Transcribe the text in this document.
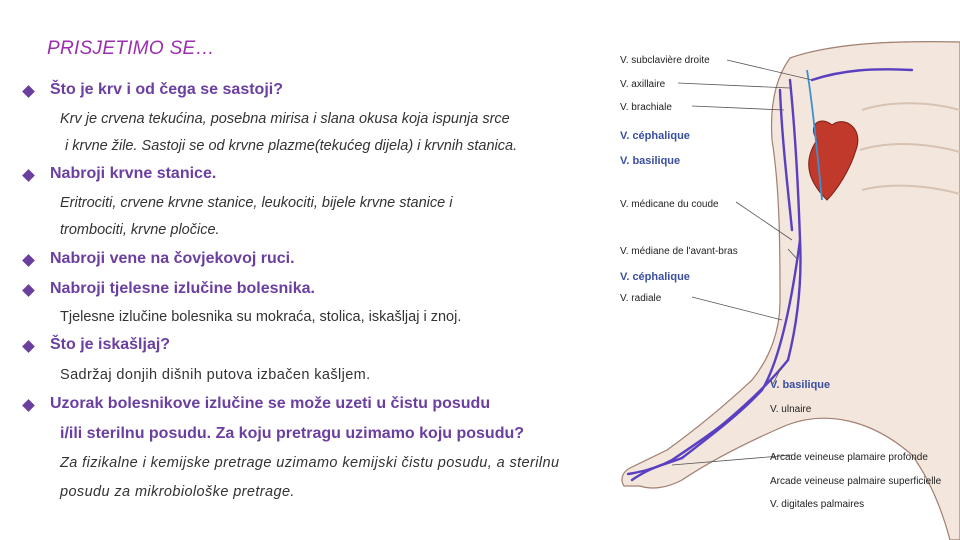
PRISJETIMO SE…
Što je krv i od čega se sastoji?
Krv je crvena tekućina, posebna mirisa i slana okusa koja ispunja srce
i krvne žile. Sastoji se od krvne plazme(tekućeg dijela) i krvnih stanica.
Nabroji krvne stanice.
Eritrociti, crvene krvne stanice, leukociti, bijele krvne stanice i
trombociti, krvne pločice.
Nabroji vene na čovjekovoj ruci.
Nabroji tjelesne izlučine bolesnika.
Tjelesne izlučine bolesnika su mokraća, stolica, iskašljaj i znoj.
Što je iskašljaj?
Sadržaj donjih dišnih putova izbačen kašljem.
Uzorak bolesnikove izlučine se može uzeti u čistu posudu
i/ili sterilnu posudu. Za koju pretragu uzimamo koju posudu?
Za fizikalne i kemijske pretrage uzimamo kemijski čistu posudu, a sterilnu
posudu za mikrobiološke pretrage.
V. subclavière droite
V. axillaire
V. brachiale
V. céphalique
V. basilique
V. médicane du coude
V. médiane de l'avant-bras
V. céphalique
V. radiale
V. basilique
V. ulnaire
Arcade veineuse plamaire profonde
Arcade veineuse palmaire superficielle
V. digitales palmaires
